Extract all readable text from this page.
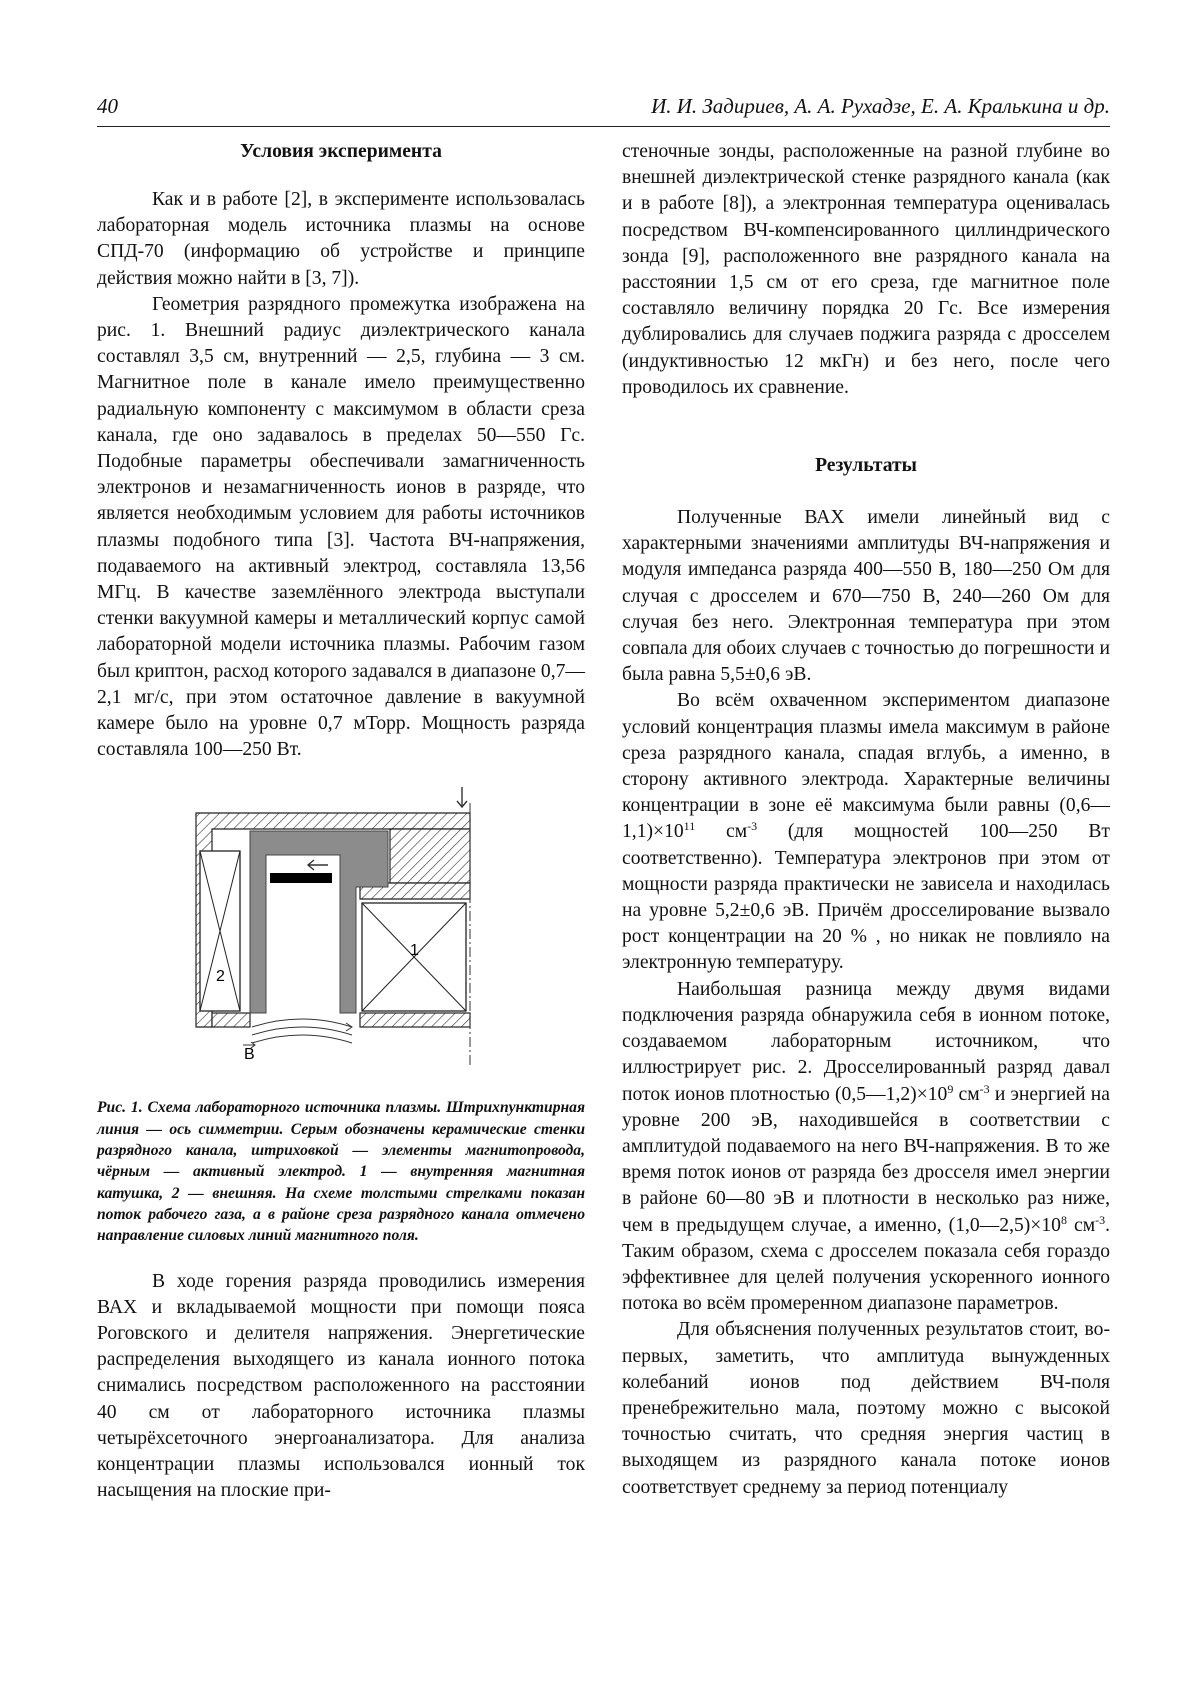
40	И. И. Задириев, А. А. Рухадзе, Е. А. Кралькина и др.
Условия эксперимента

Как и в работе [2], в эксперименте использовалась лабораторная модель источника плазмы на основе СПД-70 (информацию об устройстве и принципе действия можно найти в [3, 7]).

Геометрия разрядного промежутка изображена на рис. 1. Внешний радиус диэлектрического канала составлял 3,5 см, внутренний — 2,5, глубина — 3 см. Магнитное поле в канале имело преимущественно радиальную компоненту с максимумом в области среза канала, где оно задавалось в пределах 50—550 Гс. Подобные параметры обеспечивали замагниченность электронов и незамагниченность ионов в разряде, что является необходимым условием для работы источников плазмы подобного типа [3]. Частота ВЧ-напряжения, подаваемого на активный электрод, составляла 13,56 МГц. В качестве заземлённого электрода выступали стенки вакуумной камеры и металлический корпус самой лабораторной модели источника плазмы. Рабочим газом был криптон, расход которого задавался в диапазоне 0,7—2,1 мг/с, при этом остаточное давление в вакуумной камере было на уровне 0,7 мТорр. Мощность разряда составляла 100—250 Вт.

1
2
B
Рис. 1. Схема лабораторного источника плазмы. Штрихпунктирная линия — ось симметрии. Серым обозначены керамические стенки разрядного канала, штриховкой — элементы магнитопровода, чёрным — активный электрод. 1 — внутренняя магнитная катушка, 2 — внешняя. На схеме толстыми стрелками показан поток рабочего газа, а в районе среза разрядного канала отмечено направление силовых линий магнитного поля.

В ходе горения разряда проводились измерения ВАХ и вкладываемой мощности при помощи пояса Роговского и делителя напряжения. Энергетические распределения выходящего из канала ионного потока снимались посредством расположенного на расстоянии 40 см от лабораторного источника плазмы четырёхсеточного энергоанализатора. Для анализа концентрации плазмы использовался ионный ток насыщения на плоские при-

стеночные зонды, расположенные на разной глубине во внешней диэлектрической стенке разрядного канала (как и в работе [8]), а электронная температура оценивалась посредством ВЧ-компенсированного циллиндрического зонда [9], расположенного вне разрядного канала на расстоянии 1,5 см от его среза, где магнитное поле составляло величину порядка 20 Гс. Все измерения дублировались для случаев поджига разряда с дросселем (индуктивностью 12 мкГн) и без него, после чего проводилось их сравнение.

Результаты

Полученные ВАХ имели линейный вид с характерными значениями амплитуды ВЧ-напряжения и модуля импеданса разряда 400—550 В, 180—250 Ом для случая с дросселем и 670—750 В, 240—260 Ом для случая без него. Электронная температура при этом совпала для обоих случаев с точностью до погрешности и была равна 5,5±0,6 эВ.

Во всём охваченном экспериментом диапазоне условий концентрация плазмы имела максимум в районе среза разрядного канала, спадая вглубь, а именно, в сторону активного электрода. Характерные величины концентрации в зоне её максимума были равны $(0,6—1,1)\times 10^{11}$ $см^{-3}$ (для мощностей 100—250 Вт соответственно). Температура электронов при этом от мощности разряда практически не зависела и находилась на уровне 5,2±0,6 эВ. Причём дросселирование вызвало рост концентрации на 20 % , но никак не повлияло на электронную температуру.

Наибольшая разница между двумя видами подключения разряда обнаружила себя в ионном потоке, создаваемом лабораторным источником, что иллюстрирует рис. 2. Дросселированный разряд давал поток ионов плотностью $(0,5—1,2)\times 10^9$ $см^{-3}$ и энергией на уровне 200 эВ, находившейся в соответствии с амплитудой подаваемого на него ВЧ-напряжения. В то же время поток ионов от разряда без дросселя имел энергии в районе 60—80 эВ и плотности в несколько раз ниже, чем в предыдущем случае, а именно, $(1,0—2,5)\times 10^8$ $см^{-3}$. Таким образом, схема с дросселем показала себя гораздо эффективнее для целей получения ускоренного ионного потока во всём промеренном диапазоне параметров.

Для объяснения полученных результатов стоит, во-первых, заметить, что амплитуда вынужденных колебаний ионов под действием ВЧ-поля пренебрежительно мала, поэтому можно с высокой точностью считать, что средняя энергия частиц в выходящем из разрядного канала потоке ионов соответствует среднему за период потенциалу
